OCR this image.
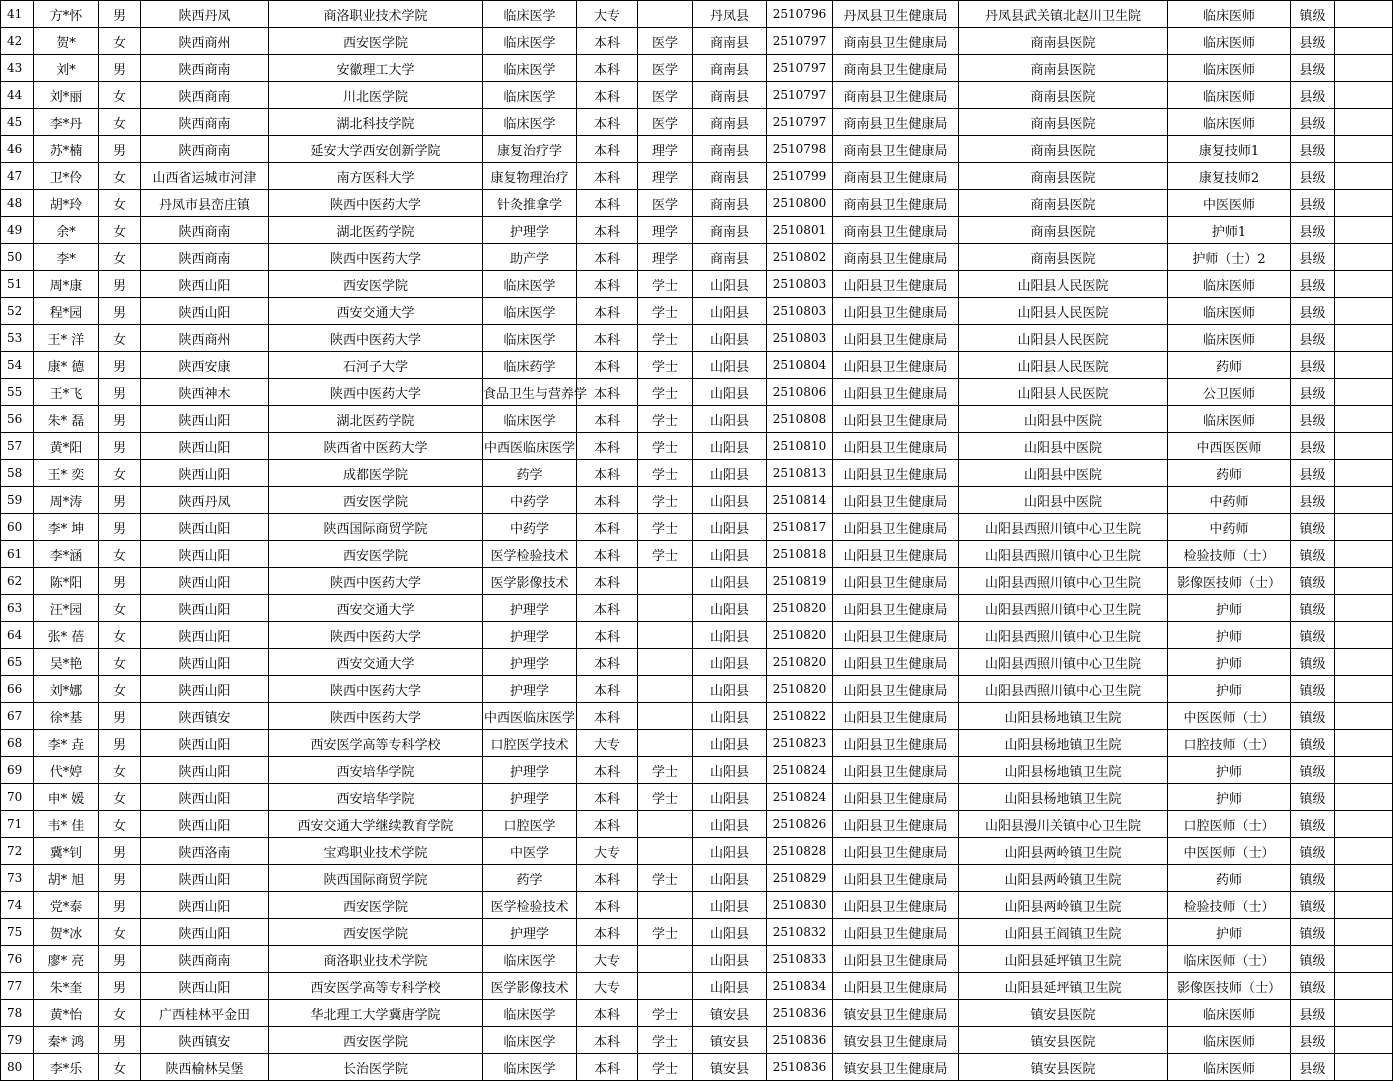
41	方*怀	男	陕西丹凤	商洛职业技术学院	临床医学	大专		丹凤县	2510796	丹凤县卫生健康局	丹凤县武关镇北赵川卫生院	临床医师	镇级	
42	贺*	女	陕西商州	西安医学院	临床医学	本科	医学	商南县	2510797	商南县卫生健康局	商南县医院	临床医师	县级	
43	刘*	男	陕西商南	安徽理工大学	临床医学	本科	医学	商南县	2510797	商南县卫生健康局	商南县医院	临床医师	县级	
44	刘*丽	女	陕西商南	川北医学院	临床医学	本科	医学	商南县	2510797	商南县卫生健康局	商南县医院	临床医师	县级	
45	李*丹	女	陕西商南	湖北科技学院	临床医学	本科	医学	商南县	2510797	商南县卫生健康局	商南县医院	临床医师	县级	
46	苏*楠	男	陕西商南	延安大学西安创新学院	康复治疗学	本科	理学	商南县	2510798	商南县卫生健康局	商南县医院	康复技师1	县级	
47	卫*伶	女	山西省运城市河津	南方医科大学	康复物理治疗	本科	理学	商南县	2510799	商南县卫生健康局	商南县医院	康复技师2	县级	
48	胡*玲	女	丹凤市县峦庄镇	陕西中医药大学	针灸推拿学	本科	医学	商南县	2510800	商南县卫生健康局	商南县医院	中医医师	县级	
49	余*	女	陕西商南	湖北医药学院	护理学	本科	理学	商南县	2510801	商南县卫生健康局	商南县医院	护师1	县级	
50	李*	女	陕西商南	陕西中医药大学	助产学	本科	理学	商南县	2510802	商南县卫生健康局	商南县医院	护师（士）2	县级	
51	周*康	男	陕西山阳	西安医学院	临床医学	本科	学士	山阳县	2510803	山阳县卫生健康局	山阳县人民医院	临床医师	县级	
52	程*园	男	陕西山阳	西安交通大学	临床医学	本科	学士	山阳县	2510803	山阳县卫生健康局	山阳县人民医院	临床医师	县级	
53	王* 洋	女	陕西商州	陕西中医药大学	临床医学	本科	学士	山阳县	2510803	山阳县卫生健康局	山阳县人民医院	临床医师	县级	
54	康* 德	男	陕西安康	石河子大学	临床药学	本科	学士	山阳县	2510804	山阳县卫生健康局	山阳县人民医院	药师	县级	
55	王*飞	男	陕西神木	陕西中医药大学	食品卫生与营养学	本科	学士	山阳县	2510806	山阳县卫生健康局	山阳县人民医院	公卫医师	县级	
56	朱* 磊	男	陕西山阳	湖北医药学院	临床医学	本科	学士	山阳县	2510808	山阳县卫生健康局	山阳县中医院	临床医师	县级	
57	黄*阳	男	陕西山阳	陕西省中医药大学	中西医临床医学	本科	学士	山阳县	2510810	山阳县卫生健康局	山阳县中医院	中西医医师	县级	
58	王* 奕	女	陕西山阳	成都医学院	药学	本科	学士	山阳县	2510813	山阳县卫生健康局	山阳县中医院	药师	县级	
59	周*涛	男	陕西丹凤	西安医学院	中药学	本科	学士	山阳县	2510814	山阳县卫生健康局	山阳县中医院	中药师	县级	
60	李* 坤	男	陕西山阳	陕西国际商贸学院	中药学	本科	学士	山阳县	2510817	山阳县卫生健康局	山阳县西照川镇中心卫生院	中药师	镇级	
61	李*涵	女	陕西山阳	西安医学院	医学检验技术	本科	学士	山阳县	2510818	山阳县卫生健康局	山阳县西照川镇中心卫生院	检验技师（士）	镇级	
62	陈*阳	男	陕西山阳	陕西中医药大学	医学影像技术	本科		山阳县	2510819	山阳县卫生健康局	山阳县西照川镇中心卫生院	影像医技师（士）	镇级	
63	汪*园	女	陕西山阳	西安交通大学	护理学	本科		山阳县	2510820	山阳县卫生健康局	山阳县西照川镇中心卫生院	护师	镇级	
64	张* 蓓	女	陕西山阳	陕西中医药大学	护理学	本科		山阳县	2510820	山阳县卫生健康局	山阳县西照川镇中心卫生院	护师	镇级	
65	吴*艳	女	陕西山阳	西安交通大学	护理学	本科		山阳县	2510820	山阳县卫生健康局	山阳县西照川镇中心卫生院	护师	镇级	
66	刘*娜	女	陕西山阳	陕西中医药大学	护理学	本科		山阳县	2510820	山阳县卫生健康局	山阳县西照川镇中心卫生院	护师	镇级	
67	徐*基	男	陕西镇安	陕西中医药大学	中西医临床医学	本科		山阳县	2510822	山阳县卫生健康局	山阳县杨地镇卫生院	中医医师（士）	镇级	
68	李* 垚	男	陕西山阳	西安医学高等专科学校	口腔医学技术	大专		山阳县	2510823	山阳县卫生健康局	山阳县杨地镇卫生院	口腔技师（士）	镇级	
69	代*婷	女	陕西山阳	西安培华学院	护理学	本科	学士	山阳县	2510824	山阳县卫生健康局	山阳县杨地镇卫生院	护师	镇级	
70	申* 媛	女	陕西山阳	西安培华学院	护理学	本科	学士	山阳县	2510824	山阳县卫生健康局	山阳县杨地镇卫生院	护师	镇级	
71	韦* 佳	女	陕西山阳	西安交通大学继续教育学院	口腔医学	本科		山阳县	2510826	山阳县卫生健康局	山阳县漫川关镇中心卫生院	口腔医师（士）	镇级	
72	冀*钊	男	陕西洛南	宝鸡职业技术学院	中医学	大专		山阳县	2510828	山阳县卫生健康局	山阳县两岭镇卫生院	中医医师（士）	镇级	
73	胡* 旭	男	陕西山阳	陕西国际商贸学院	药学	本科	学士	山阳县	2510829	山阳县卫生健康局	山阳县两岭镇卫生院	药师	镇级	
74	党*泰	男	陕西山阳	西安医学院	医学检验技术	本科		山阳县	2510830	山阳县卫生健康局	山阳县两岭镇卫生院	检验技师（士）	镇级	
75	贺*冰	女	陕西山阳	西安医学院	护理学	本科	学士	山阳县	2510832	山阳县卫生健康局	山阳县王阎镇卫生院	护师	镇级	
76	廖* 亮	男	陕西商南	商洛职业技术学院	临床医学	大专		山阳县	2510833	山阳县卫生健康局	山阳县延坪镇卫生院	临床医师（士）	镇级	
77	朱*奎	男	陕西山阳	西安医学高等专科学校	医学影像技术	大专		山阳县	2510834	山阳县卫生健康局	山阳县延坪镇卫生院	影像医技师（士）	镇级	
78	黄*怡	女	广西桂林平金田	华北理工大学冀唐学院	临床医学	本科	学士	镇安县	2510836	镇安县卫生健康局	镇安县医院	临床医师	县级	
79	秦* 鸿	男	陕西镇安	西安医学院	临床医学	本科	学士	镇安县	2510836	镇安县卫生健康局	镇安县医院	临床医师	县级	
80	李*乐	女	陕西榆林吴堡	长治医学院	临床医学	本科	学士	镇安县	2510836	镇安县卫生健康局	镇安县医院	临床医师	县级	
